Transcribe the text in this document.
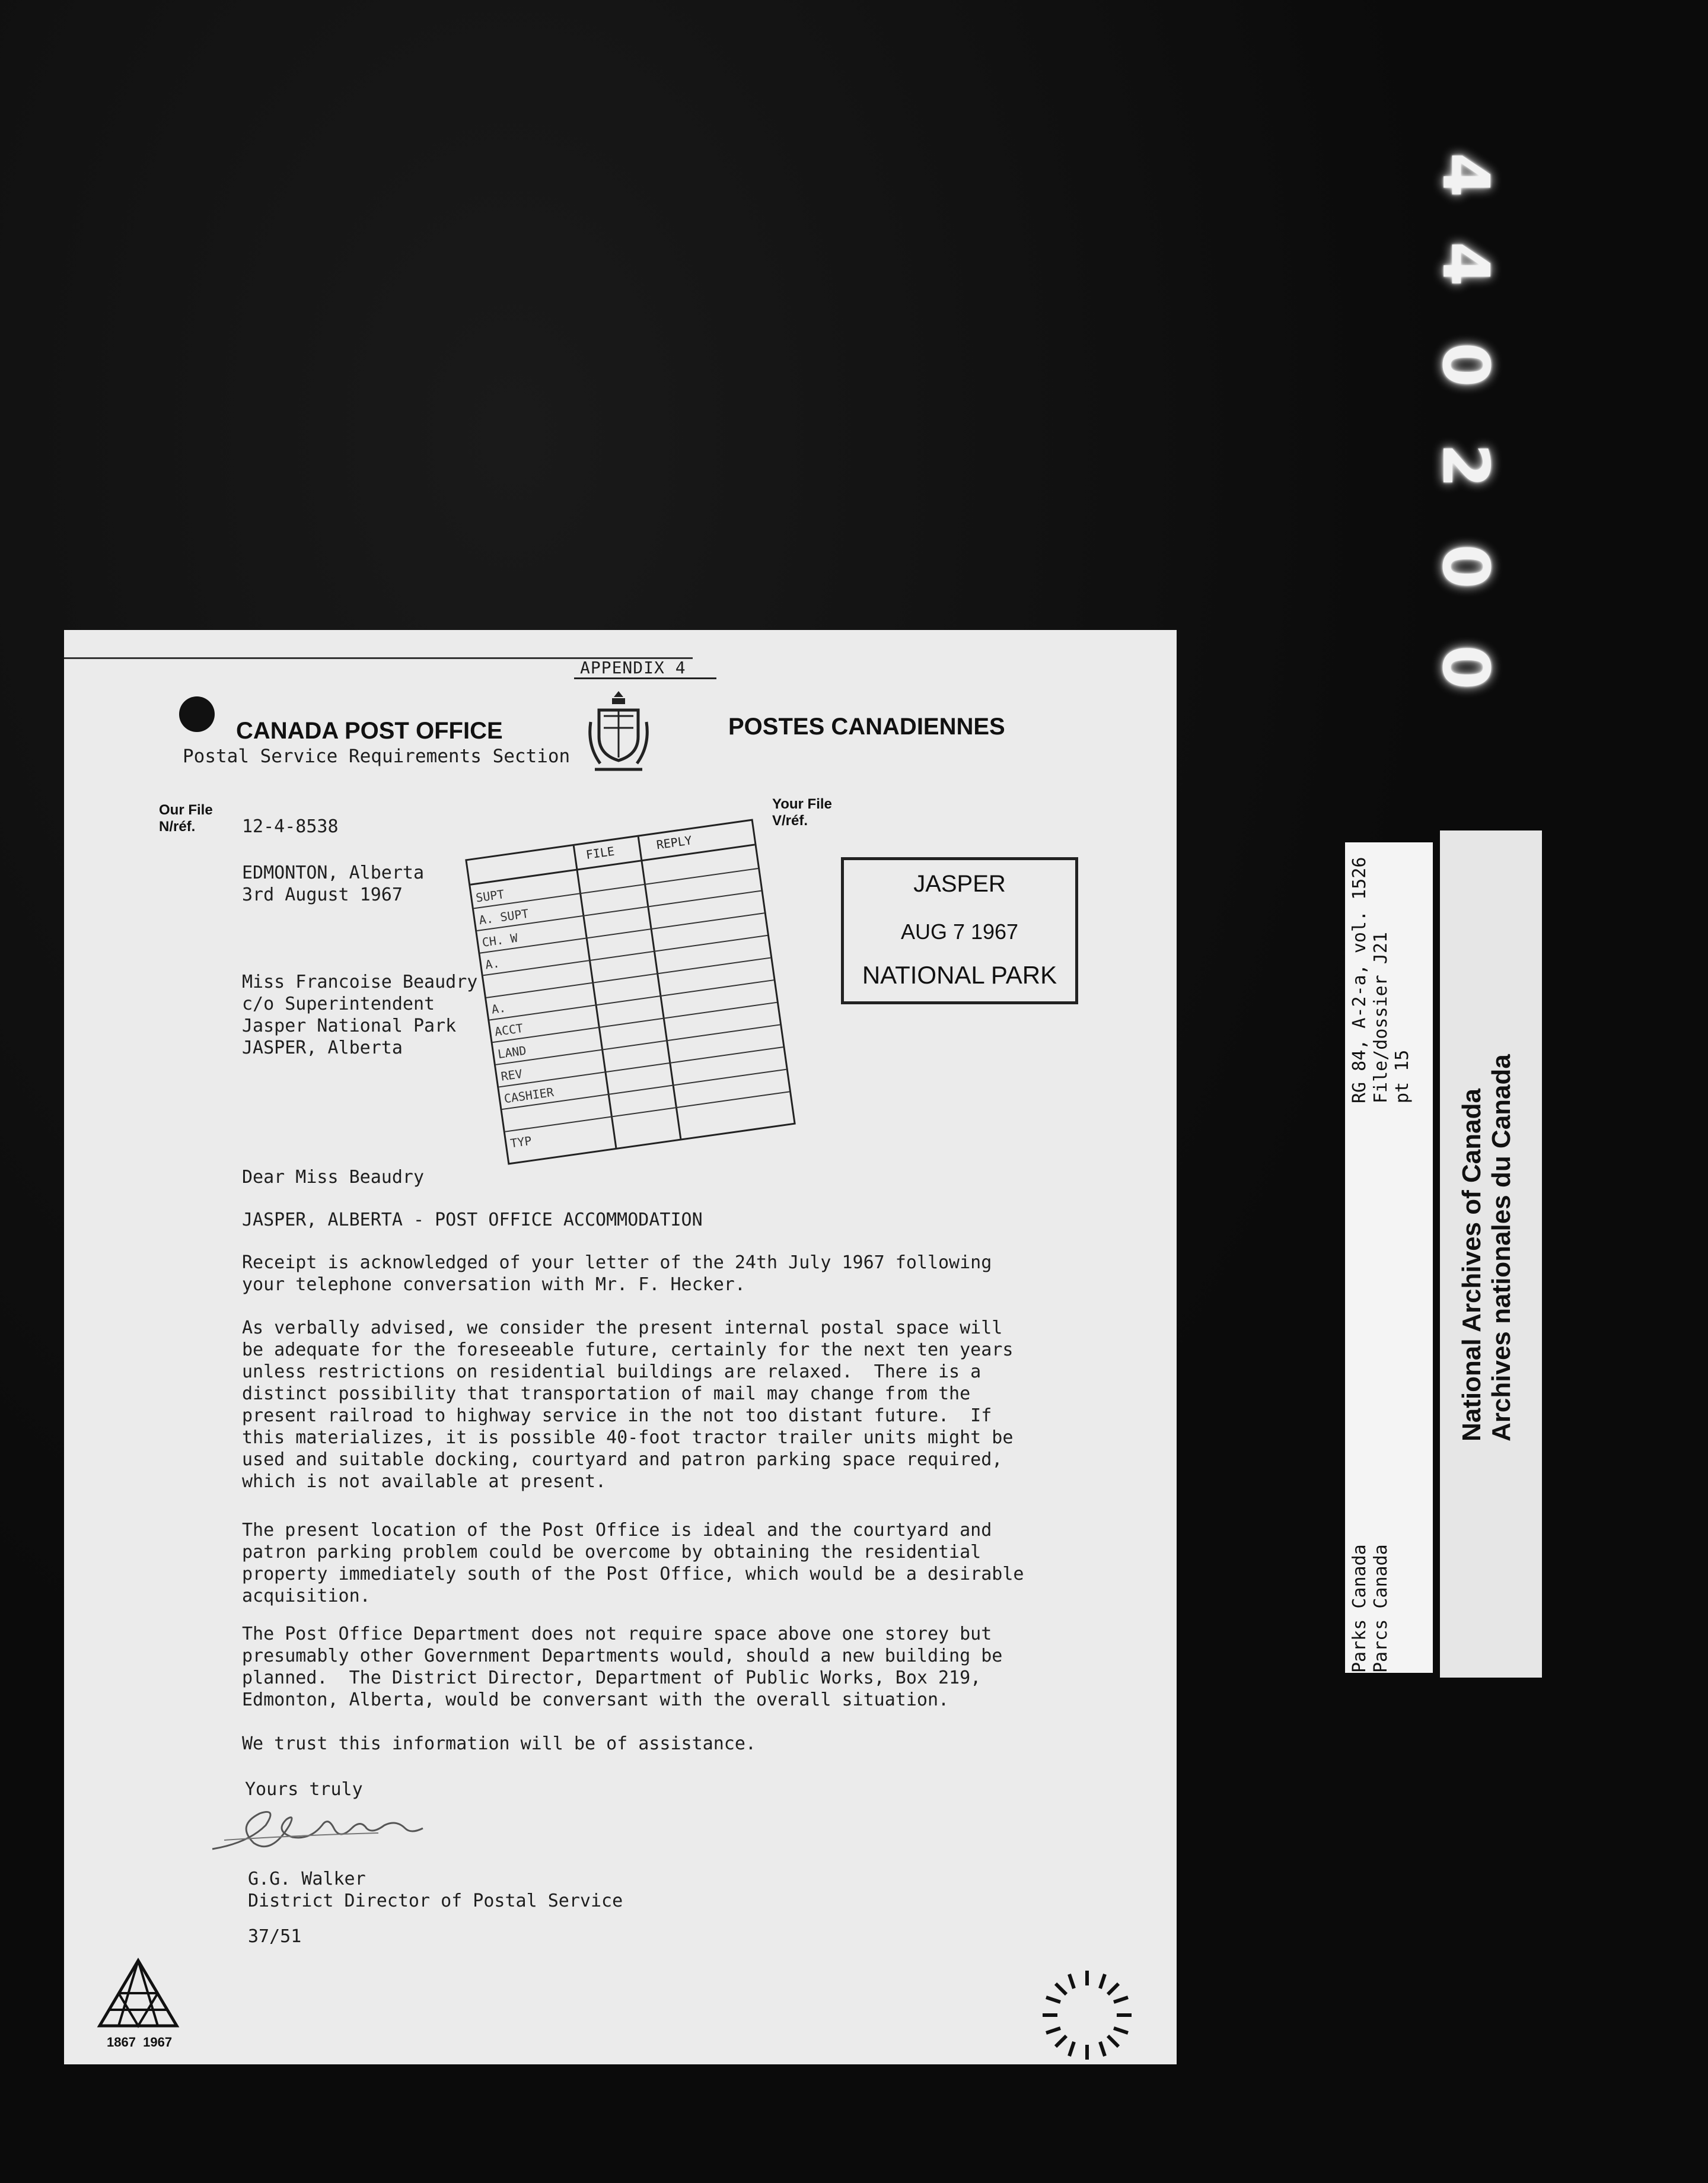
4
4
0
2
0
0
RG 84, A-2-a, vol. 1526 File/dossier J21 pt 15
Parks Canada Parcs Canada
National Archives of Canada Archives nationales du Canada
APPENDIX 4
CANADA POST OFFICE	POSTES CANADIENNES
Postal Service Requirements Section
Our File
N/réf.	12-4-8538
Your File
V/réf.
EDMONTON, Alberta
3rd August 1967
Miss Francoise Beaudry
c/o Superintendent
Jasper National Park
JASPER, Alberta
FILE
REPLY
SUPT
A. SUPT
CH. W
A.
A.
ACCT
LAND
REV
CASHIER
TYP
JASPER
AUG 7 1967
NATIONAL PARK
Dear Miss Beaudry
JASPER, ALBERTA - POST OFFICE ACCOMMODATION
Receipt is acknowledged of your letter of the 24th July 1967 following
your telephone conversation with Mr. F. Hecker.
As verbally advised, we consider the present internal postal space will
be adequate for the foreseeable future, certainly for the next ten years
unless restrictions on residential buildings are relaxed.  There is a
distinct possibility that transportation of mail may change from the
present railroad to highway service in the not too distant future.  If
this materializes, it is possible 40-foot tractor trailer units might be
used and suitable docking, courtyard and patron parking space required,
which is not available at present.
The present location of the Post Office is ideal and the courtyard and
patron parking problem could be overcome by obtaining the residential
property immediately south of the Post Office, which would be a desirable
acquisition.
The Post Office Department does not require space above one storey but
presumably other Government Departments would, should a new building be
planned.  The District Director, Department of Public Works, Box 219,
Edmonton, Alberta, would be conversant with the overall situation.
We trust this information will be of assistance.
Yours truly
G.G. Walker
District Director of Postal Service
37/51
1867  1967
